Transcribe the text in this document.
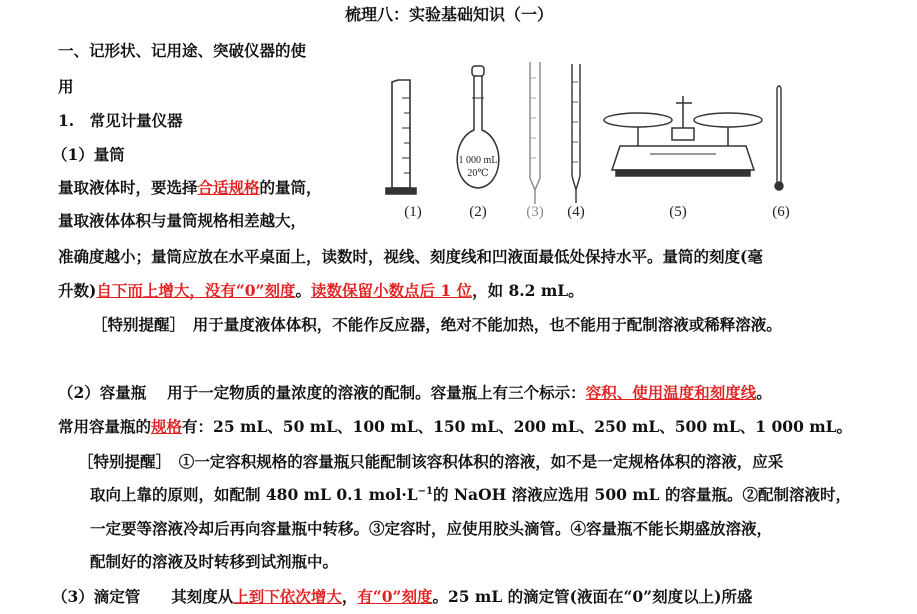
梳理八：实验基础知识（一）
一、记形状、记用途、突破仪器的使
用
1.　常见计量仪器
（1）量筒
量取液体时，要选择合适规格的量筒，
量取液体体积与量筒规格相差越大，
准确度越小；量筒应放在水平桌面上，读数时，视线、刻度线和凹液面最低处保持水平。量筒的刻度(毫
升数)自下而上增大，没有“0”刻度。读数保留小数点后 1 位，如 8.2 mL。
［特别提醒］　用于量度液体体积，不能作反应器，绝对不能加热，也不能用于配制溶液或稀释溶液。
1 000 mL
20℃
(1)	(2)	(3) (4)	(5)	(6)
（2）容量瓶　 用于一定物质的量浓度的溶液的配制。容量瓶上有三个标示：容积、使用温度和刻度线。
常用容量瓶的规格有：25 mL、50 mL、100 mL、150 mL、200 mL、250 mL、500 mL、1 000 mL。
［特别提醒］　①一定容积规格的容量瓶只能配制该容积体积的溶液，如不是一定规格体积的溶液，应采
取向上靠的原则，如配制 480 mL 0.1 $mol\cdot L^{-1}$的 NaOH 溶液应选用 500 mL 的容量瓶。②配制溶液时，
一定要等溶液冷却后再向容量瓶中转移。③定容时，应使用胶头滴管。④容量瓶不能长期盛放溶液，
配制好的溶液及时转移到试剂瓶中。
（3）滴定管　　其刻度从上到下依次增大，有“0”刻度。25 mL 的滴定管(液面在“0”刻度以上)所盛
